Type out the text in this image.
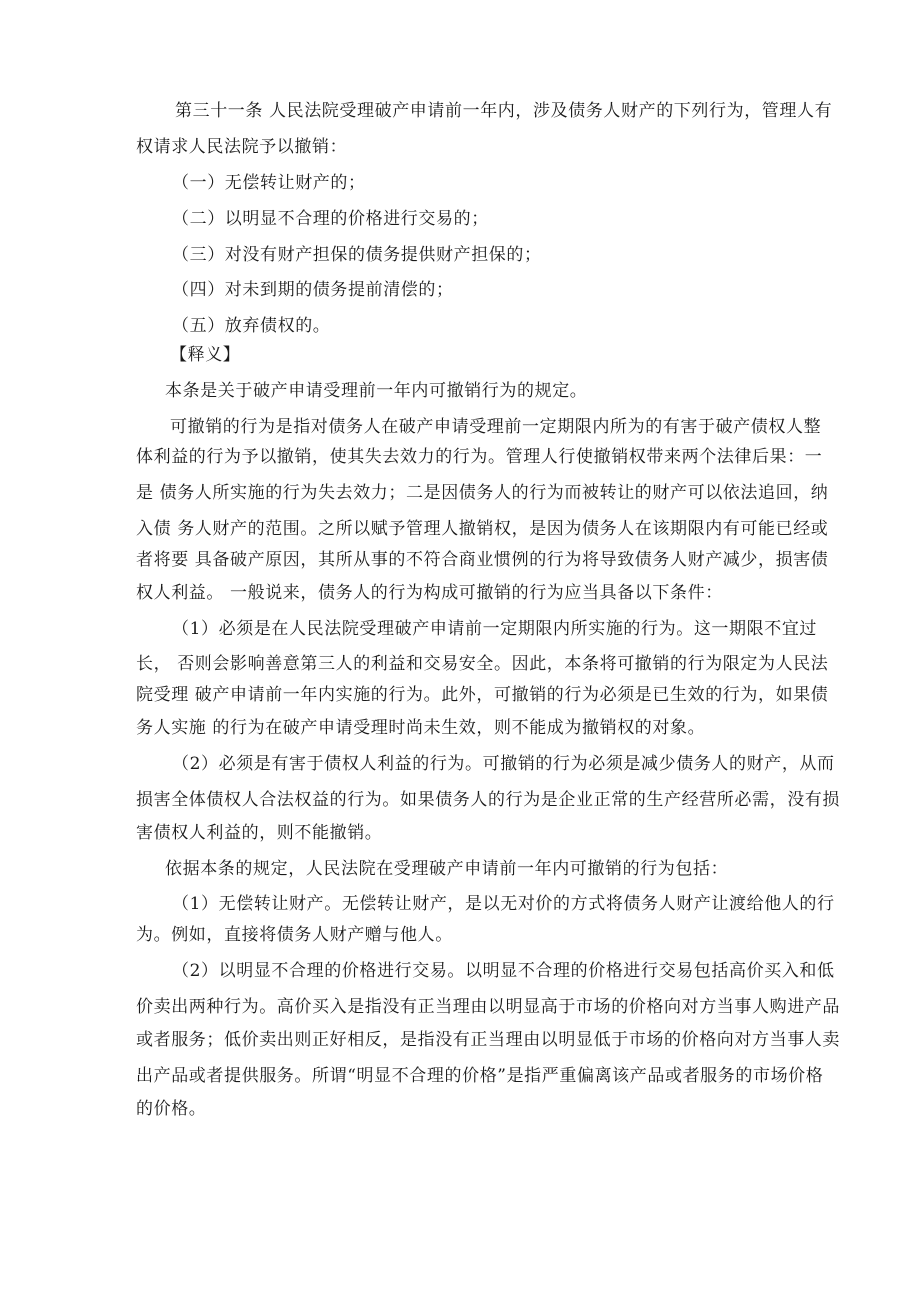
第三十一条 人民法院受理破产申请前一年内，涉及债务人财产的下列行为，管理人有
权请求人民法院予以撤销：
（一）无偿转让财产的；
（二）以明显不合理的价格进行交易的；
（三）对没有财产担保的债务提供财产担保的；
（四）对未到期的债务提前清偿的；
（五）放弃债权的。
【释义】
本条是关于破产申请受理前一年内可撤销行为的规定。
可撤销的行为是指对债务人在破产申请受理前一定期限内所为的有害于破产债权人整
体利益的行为予以撤销，使其失去效力的行为。管理人行使撤销权带来两个法律后果：一
是 债务人所实施的行为失去效力；二是因债务人的行为而被转让的财产可以依法追回，纳
入债 务人财产的范围。之所以赋予管理人撤销权，是因为债务人在该期限内有可能已经或
者将要 具备破产原因，其所从事的不符合商业惯例的行为将导致债务人财产减少，损害债
权人利益。 一般说来，债务人的行为构成可撤销的行为应当具备以下条件：
（1）必须是在人民法院受理破产申请前一定期限内所实施的行为。这一期限不宜过
长， 否则会影响善意第三人的利益和交易安全。因此，本条将可撤销的行为限定为人民法
院受理 破产申请前一年内实施的行为。此外，可撤销的行为必须是已生效的行为，如果债
务人实施 的行为在破产申请受理时尚未生效，则不能成为撤销权的对象。
（2）必须是有害于债权人利益的行为。可撤销的行为必须是减少债务人的财产，从而
损害全体债权人合法权益的行为。如果债务人的行为是企业正常的生产经营所必需，没有损
害债权人利益的，则不能撤销。
依据本条的规定，人民法院在受理破产申请前一年内可撤销的行为包括：
（1）无偿转让财产。无偿转让财产，是以无对价的方式将债务人财产让渡给他人的行
为。例如，直接将债务人财产赠与他人。
（2）以明显不合理的价格进行交易。以明显不合理的价格进行交易包括高价买入和低
价卖出两种行为。高价买入是指没有正当理由以明显高于市场的价格向对方当事人购进产品
或者服务；低价卖出则正好相反，是指没有正当理由以明显低于市场的价格向对方当事人卖
出产品或者提供服务。所谓“明显不合理的价格”是指严重偏离该产品或者服务的市场价格
的价格。
